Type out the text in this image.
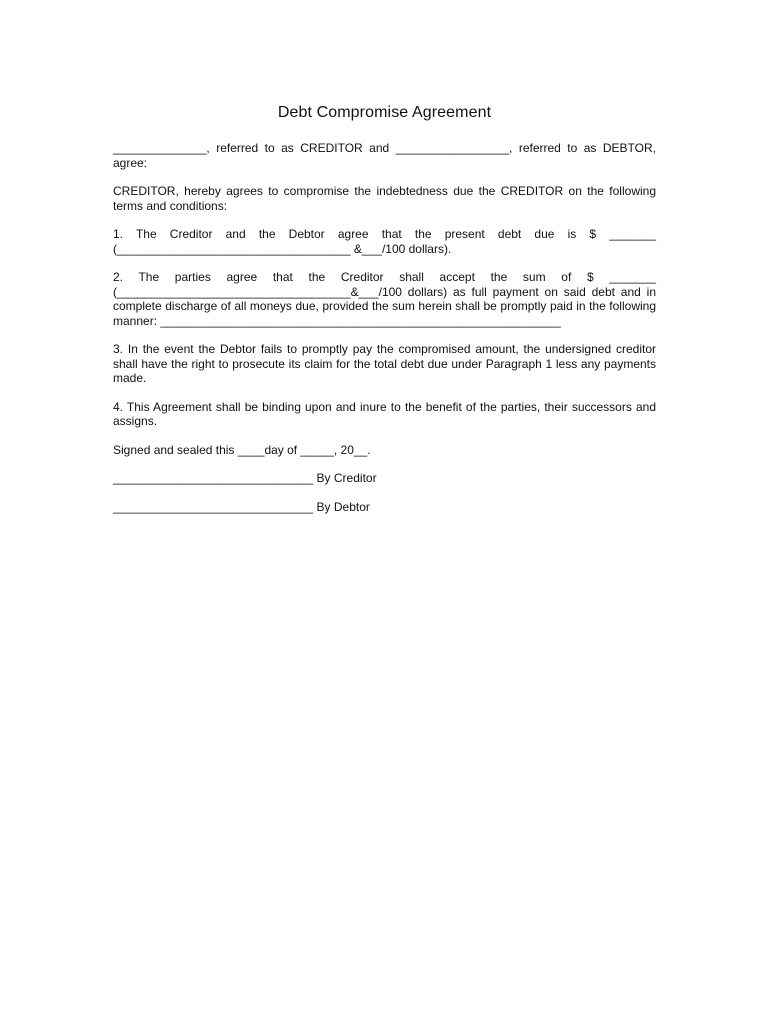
Debt Compromise Agreement

______________, referred to as CREDITOR and _________________, referred to as DEBTOR, agree:

CREDITOR, hereby agrees to compromise the indebtedness due the CREDITOR on the following terms and conditions:

1. The Creditor and the Debtor agree that the present debt due is $ _______ (___________________________________ &___/100 dollars).

2. The parties agree that the Creditor shall accept the sum of $ _______ (___________________________________&___/100 dollars) as full payment on said debt and in complete discharge of all moneys due, provided the sum herein shall be promptly paid in the following manner: ____________________________________________________________

3. In the event the Debtor fails to promptly pay the compromised amount, the undersigned creditor shall have the right to prosecute its claim for the total debt due under Paragraph 1 less any payments made.

4. This Agreement shall be binding upon and inure to the benefit of the parties, their successors and assigns.

Signed and sealed this ____day of _____, 20__.

______________________________ By Creditor
______________________________ By Debtor
